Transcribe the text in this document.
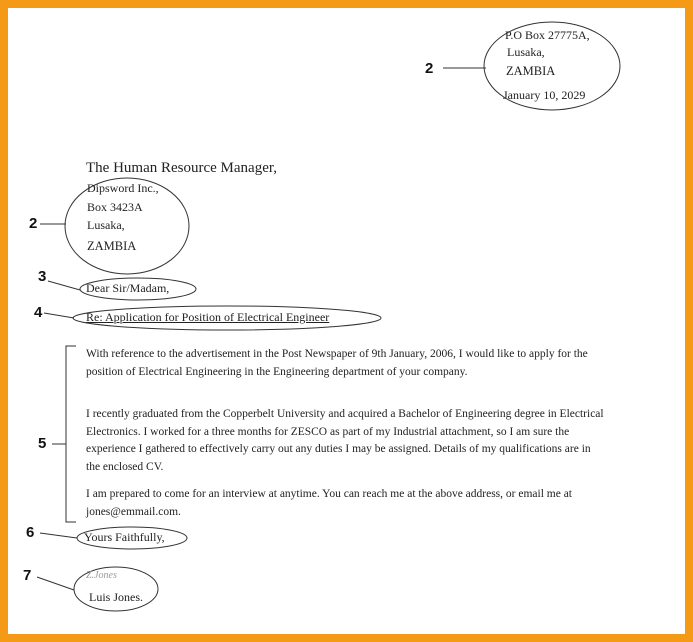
P.O Box 27775A,
Lusaka,
ZAMBIA
January 10, 2029
The Human Resource Manager,
Dipsword Inc.,
Box 3423A
Lusaka,
ZAMBIA
Dear Sir/Madam,
Re: Application for Position of Electrical Engineer
With reference to the advertisement in the Post Newspaper of 9th January, 2006, I would like to apply for the position of Electrical Engineering in the Engineering department of your company.
I recently graduated from the Copperbelt University and acquired a Bachelor of Engineering degree in Electrical Electronics. I worked for a three months for ZESCO as part of my Industrial attachment, so I am sure the experience I gathered to effectively carry out any duties I may be assigned. Details of my qualifications are in the enclosed CV.
I am prepared to come for an interview at anytime. You can reach me at the above address, or email me at jones@emmail.com.
Yours Faithfully,
Z.Jones
Luis Jones.
2
2
3
4
5
6
7
